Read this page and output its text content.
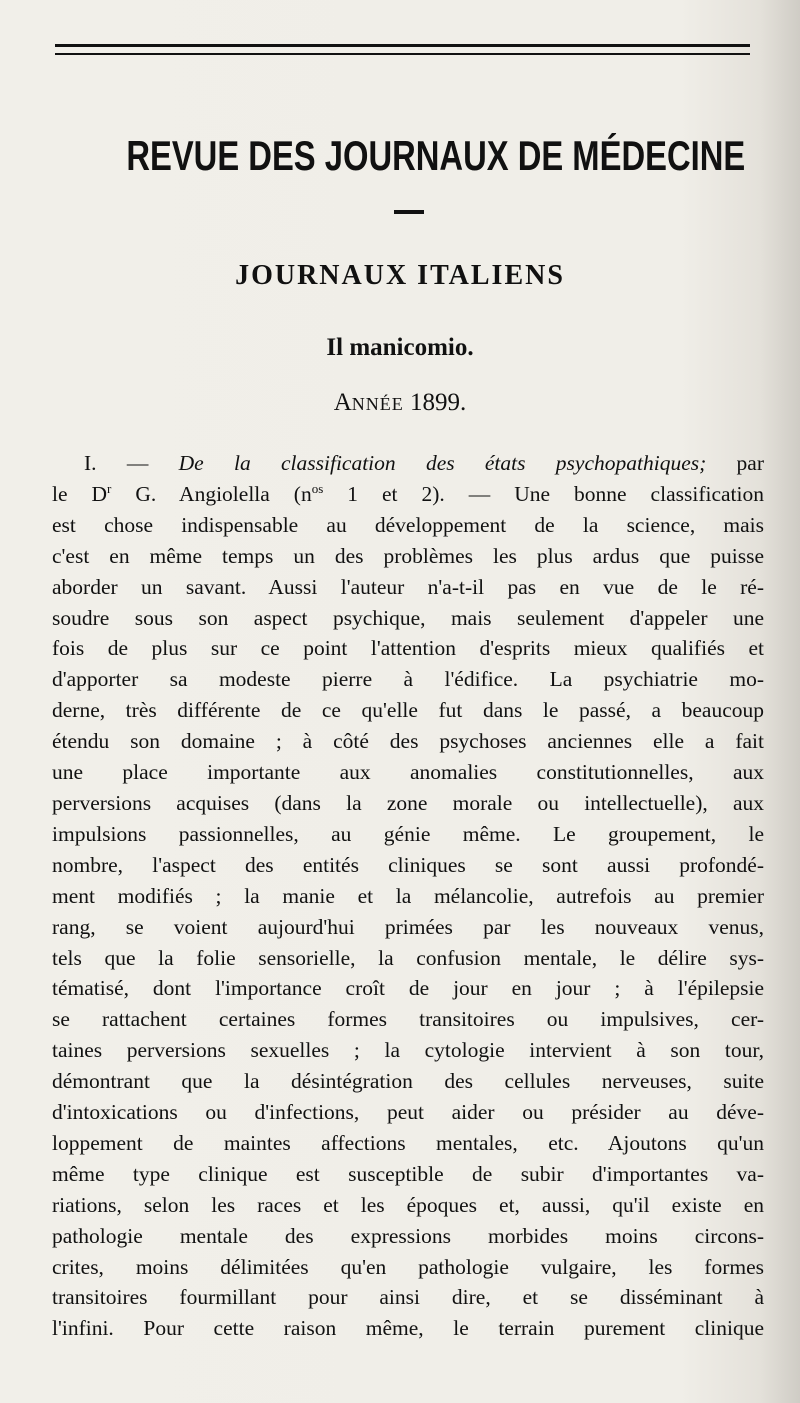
REVUE DES JOURNAUX DE MÉDECINE
JOURNAUX ITALIENS
Il manicomio.

ANNÉE 1899.

I. — De la classification des états psychopathiques; par
le $D^r$ G. Angiolella ($n^{os}$ 1 et 2). — Une bonne classification
est chose indispensable au développement de la science, mais
c'est en même temps un des problèmes les plus ardus que puisse
aborder un savant. Aussi l'auteur n'a-t-il pas en vue de le ré-
soudre sous son aspect psychique, mais seulement d'appeler une
fois de plus sur ce point l'attention d'esprits mieux qualifiés et
d'apporter sa modeste pierre à l'édifice. La psychiatrie mo-
derne, très différente de ce qu'elle fut dans le passé, a beaucoup
étendu son domaine ; à côté des psychoses anciennes elle a fait
une place importante aux anomalies constitutionnelles, aux
perversions acquises (dans la zone morale ou intellectuelle), aux
impulsions passionnelles, au génie même. Le groupement, le
nombre, l'aspect des entités cliniques se sont aussi profondé-
ment modifiés ; la manie et la mélancolie, autrefois au premier
rang, se voient aujourd'hui primées par les nouveaux venus,
tels que la folie sensorielle, la confusion mentale, le délire sys-
tématisé, dont l'importance croît de jour en jour ; à l'épilepsie
se rattachent certaines formes transitoires ou impulsives, cer-
taines perversions sexuelles ; la cytologie intervient à son tour,
démontrant que la désintégration des cellules nerveuses, suite
d'intoxications ou d'infections, peut aider ou présider au déve-
loppement de maintes affections mentales, etc. Ajoutons qu'un
même type clinique est susceptible de subir d'importantes va-
riations, selon les races et les époques et, aussi, qu'il existe en
pathologie mentale des expressions morbides moins circons-
crites, moins délimitées qu'en pathologie vulgaire, les formes
transitoires fourmillant pour ainsi dire, et se disséminant à
l'infini. Pour cette raison même, le terrain purement clinique
